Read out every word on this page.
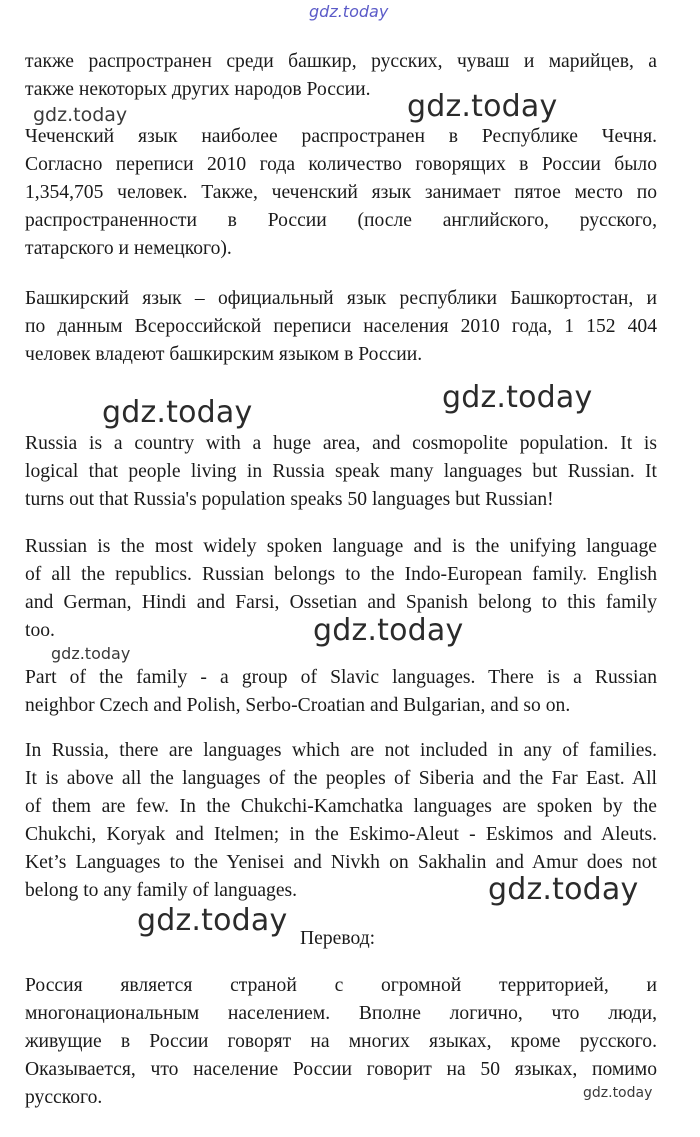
gdz.today
также распространен среди башкир, русских, чуваш и марийцев, а
также некоторых других народов России.
gdz.today	gdz.today
Чеченский язык наиболее распространен в Республике Чечня.
Согласно переписи 2010 года количество говорящих в России было
1,354,705 человек. Также, чеченский язык занимает пятое место по
распространенности в России (после английского, русского,
татарского и немецкого).
Башкирский язык – официальный язык республики Башкортостан, и
по данным Всероссийской переписи населения 2010 года, 1 152 404
человек владеют башкирским языком в России.
gdz.today	gdz.today
Russia is a country with a huge area, and cosmopolite population. It is
logical that people living in Russia speak many languages but Russian. It
turns out that Russia's population speaks 50 languages but Russian!
Russian is the most widely spoken language and is the unifying language
of all the republics. Russian belongs to the Indo-European family. English
and German, Hindi and Farsi, Ossetian and Spanish belong to this family
too.	gdz.today
gdz.today
Part of the family - a group of Slavic languages. There is a Russian
neighbor Czech and Polish, Serbo-Croatian and Bulgarian, and so on.
In Russia, there are languages which are not included in any of families.
It is above all the languages of the peoples of Siberia and the Far East. All
of them are few. In the Chukchi-Kamchatka languages are spoken by the
Chukchi, Koryak and Itelmen; in the Eskimo-Aleut - Eskimos and Aleuts.
Ket’s Languages to the Yenisei and Nivkh on Sakhalin and Amur does not
belong to any family of languages.	gdz.today
gdz.today
Перевод:
Россия является страной с огромной территорией, и
многонациональным населением. Вполне логично, что люди,
живущие в России говорят на многих языках, кроме русского.
Оказывается, что население России говорит на 50 языках, помимо
русского.	gdz.today
